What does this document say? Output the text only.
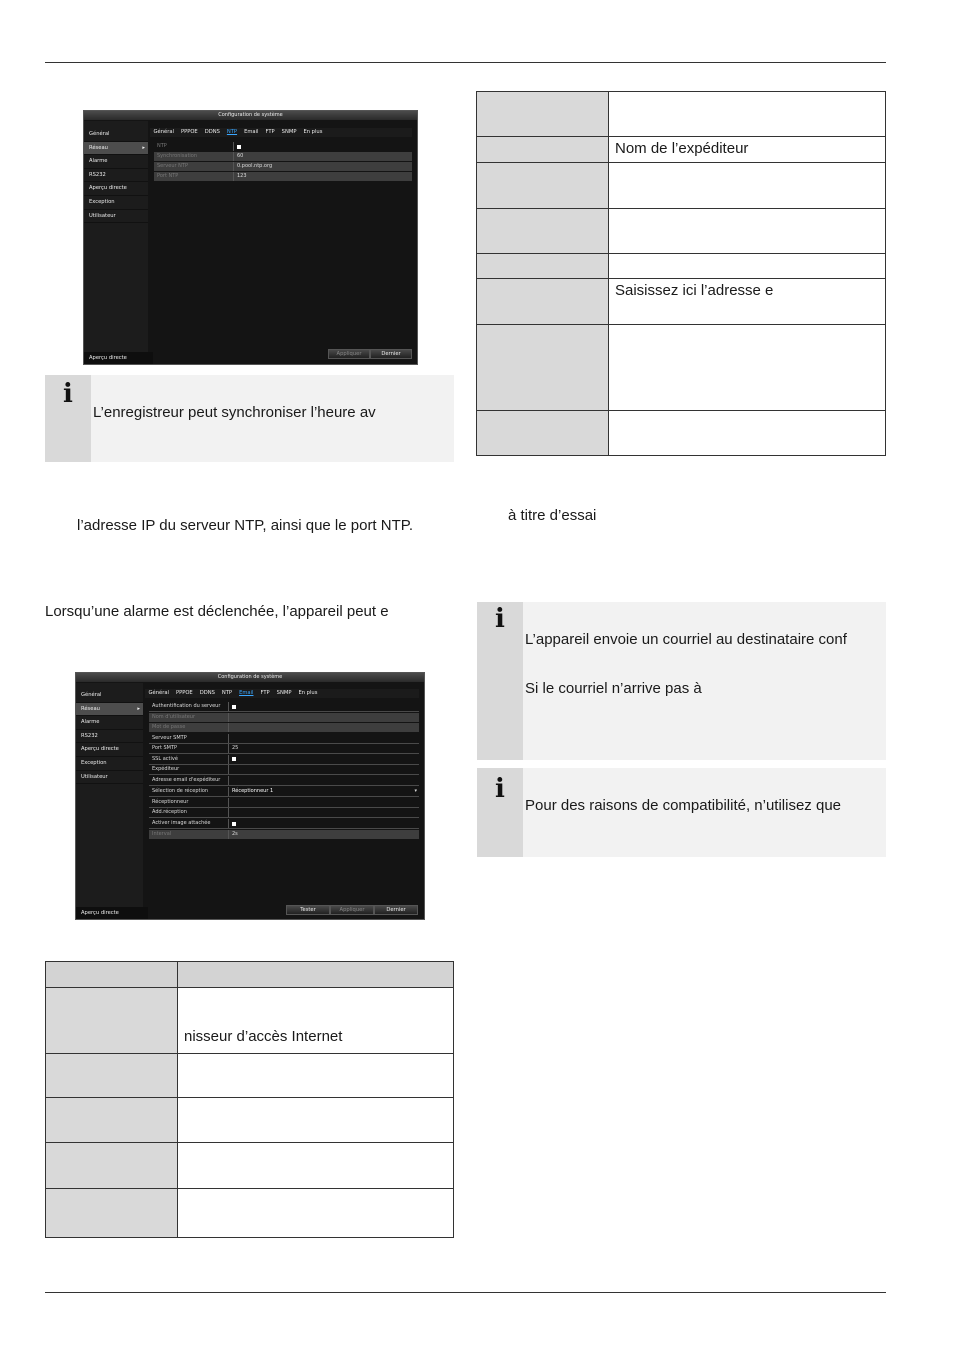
Configuration de système
Général
Réseau	▸
Alarme
RS232
Aperçu directe
Exception
Utilisateur
Aperçu directe
Général	PPPOE	DDNS	NTP	Email	FTP	SNMP	En plus
NTP
Synchronisation	60
Serveur NTP	0.pool.ntp.org
Port NTP	123
Appliquer	Dernier
i
L’enregistreur peut synchroniser l’heure av
l’adresse IP du serveur NTP, ainsi que le port NTP.
Lorsqu’une alarme est déclenchée, l’appareil peut e
Configuration de système
Général
Réseau	▸
Alarme
RS232
Aperçu directe
Exception
Utilisateur
Aperçu directe
Général	PPPOE	DDNS	NTP	Email	FTP	SNMP	En plus
Authentification du serveur
Nom d'utilisateur
Mot de passe
Serveur SMTP
Port SMTP	25
SSL activé
Expéditeur
Adresse email d'expéditeur
Sélection de réception	Réceptionneur 1	▾
Réceptionneur
Add.réception
Activer image attachée
Interval	2s
Tester	Appliquer	Dernier

	nisseur d’accès Internet

	Nom de l’expéditeur

	Saisissez ici l’adresse e

à titre d’essai
i
L’appareil envoie un courriel au destinataire conf
Si le courriel n’arrive pas à
i
Pour des raisons de compatibilité, n’utilisez que
